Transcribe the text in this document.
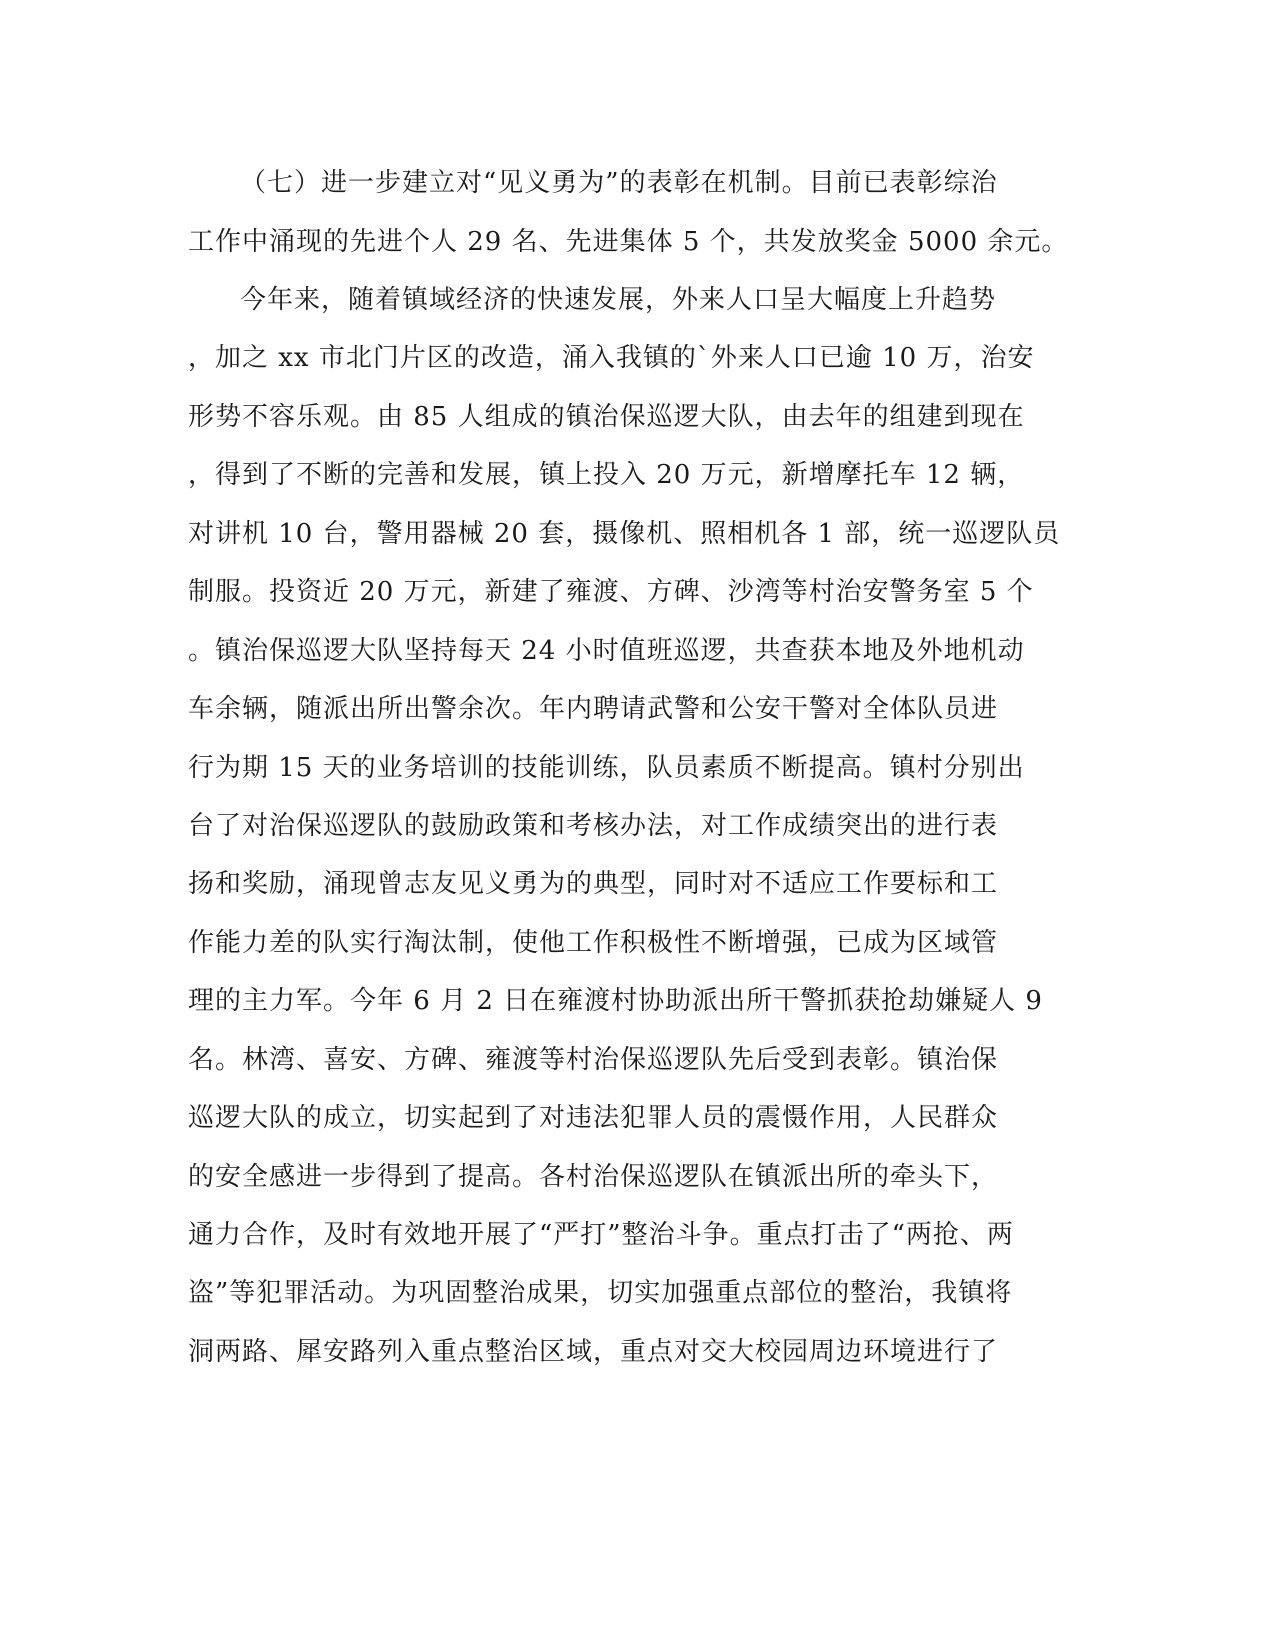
（七）进一步建立对“见义勇为”的表彰在机制。目前已表彰综治
工作中涌现的先进个人 29 名、先进集体 5 个，共发放奖金 5000 余元。
今年来，随着镇域经济的快速发展，外来人口呈大幅度上升趋势
，加之 xx 市北门片区的改造，涌入我镇的`外来人口已逾 10 万，治安
形势不容乐观。由 85 人组成的镇治保巡逻大队，由去年的组建到现在
，得到了不断的完善和发展，镇上投入 20 万元，新增摩托车 12 辆，
对讲机 10 台，警用器械 20 套，摄像机、照相机各 1 部，统一巡逻队员
制服。投资近 20 万元，新建了雍渡、方碑、沙湾等村治安警务室 5 个
。镇治保巡逻大队坚持每天 24 小时值班巡逻，共查获本地及外地机动
车余辆，随派出所出警余次。年内聘请武警和公安干警对全体队员进
行为期 15 天的业务培训的技能训练，队员素质不断提高。镇村分别出
台了对治保巡逻队的鼓励政策和考核办法，对工作成绩突出的进行表
扬和奖励，涌现曾志友见义勇为的典型，同时对不适应工作要标和工
作能力差的队实行淘汰制，使他工作积极性不断增强，已成为区域管
理的主力军。今年 6 月 2 日在雍渡村协助派出所干警抓获抢劫嫌疑人 9
名。林湾、喜安、方碑、雍渡等村治保巡逻队先后受到表彰。镇治保
巡逻大队的成立，切实起到了对违法犯罪人员的震慑作用，人民群众
的安全感进一步得到了提高。各村治保巡逻队在镇派出所的牵头下，
通力合作，及时有效地开展了“严打”整治斗争。重点打击了“两抢、两
盗”等犯罪活动。为巩固整治成果，切实加强重点部位的整治，我镇将
洞两路、犀安路列入重点整治区域，重点对交大校园周边环境进行了
